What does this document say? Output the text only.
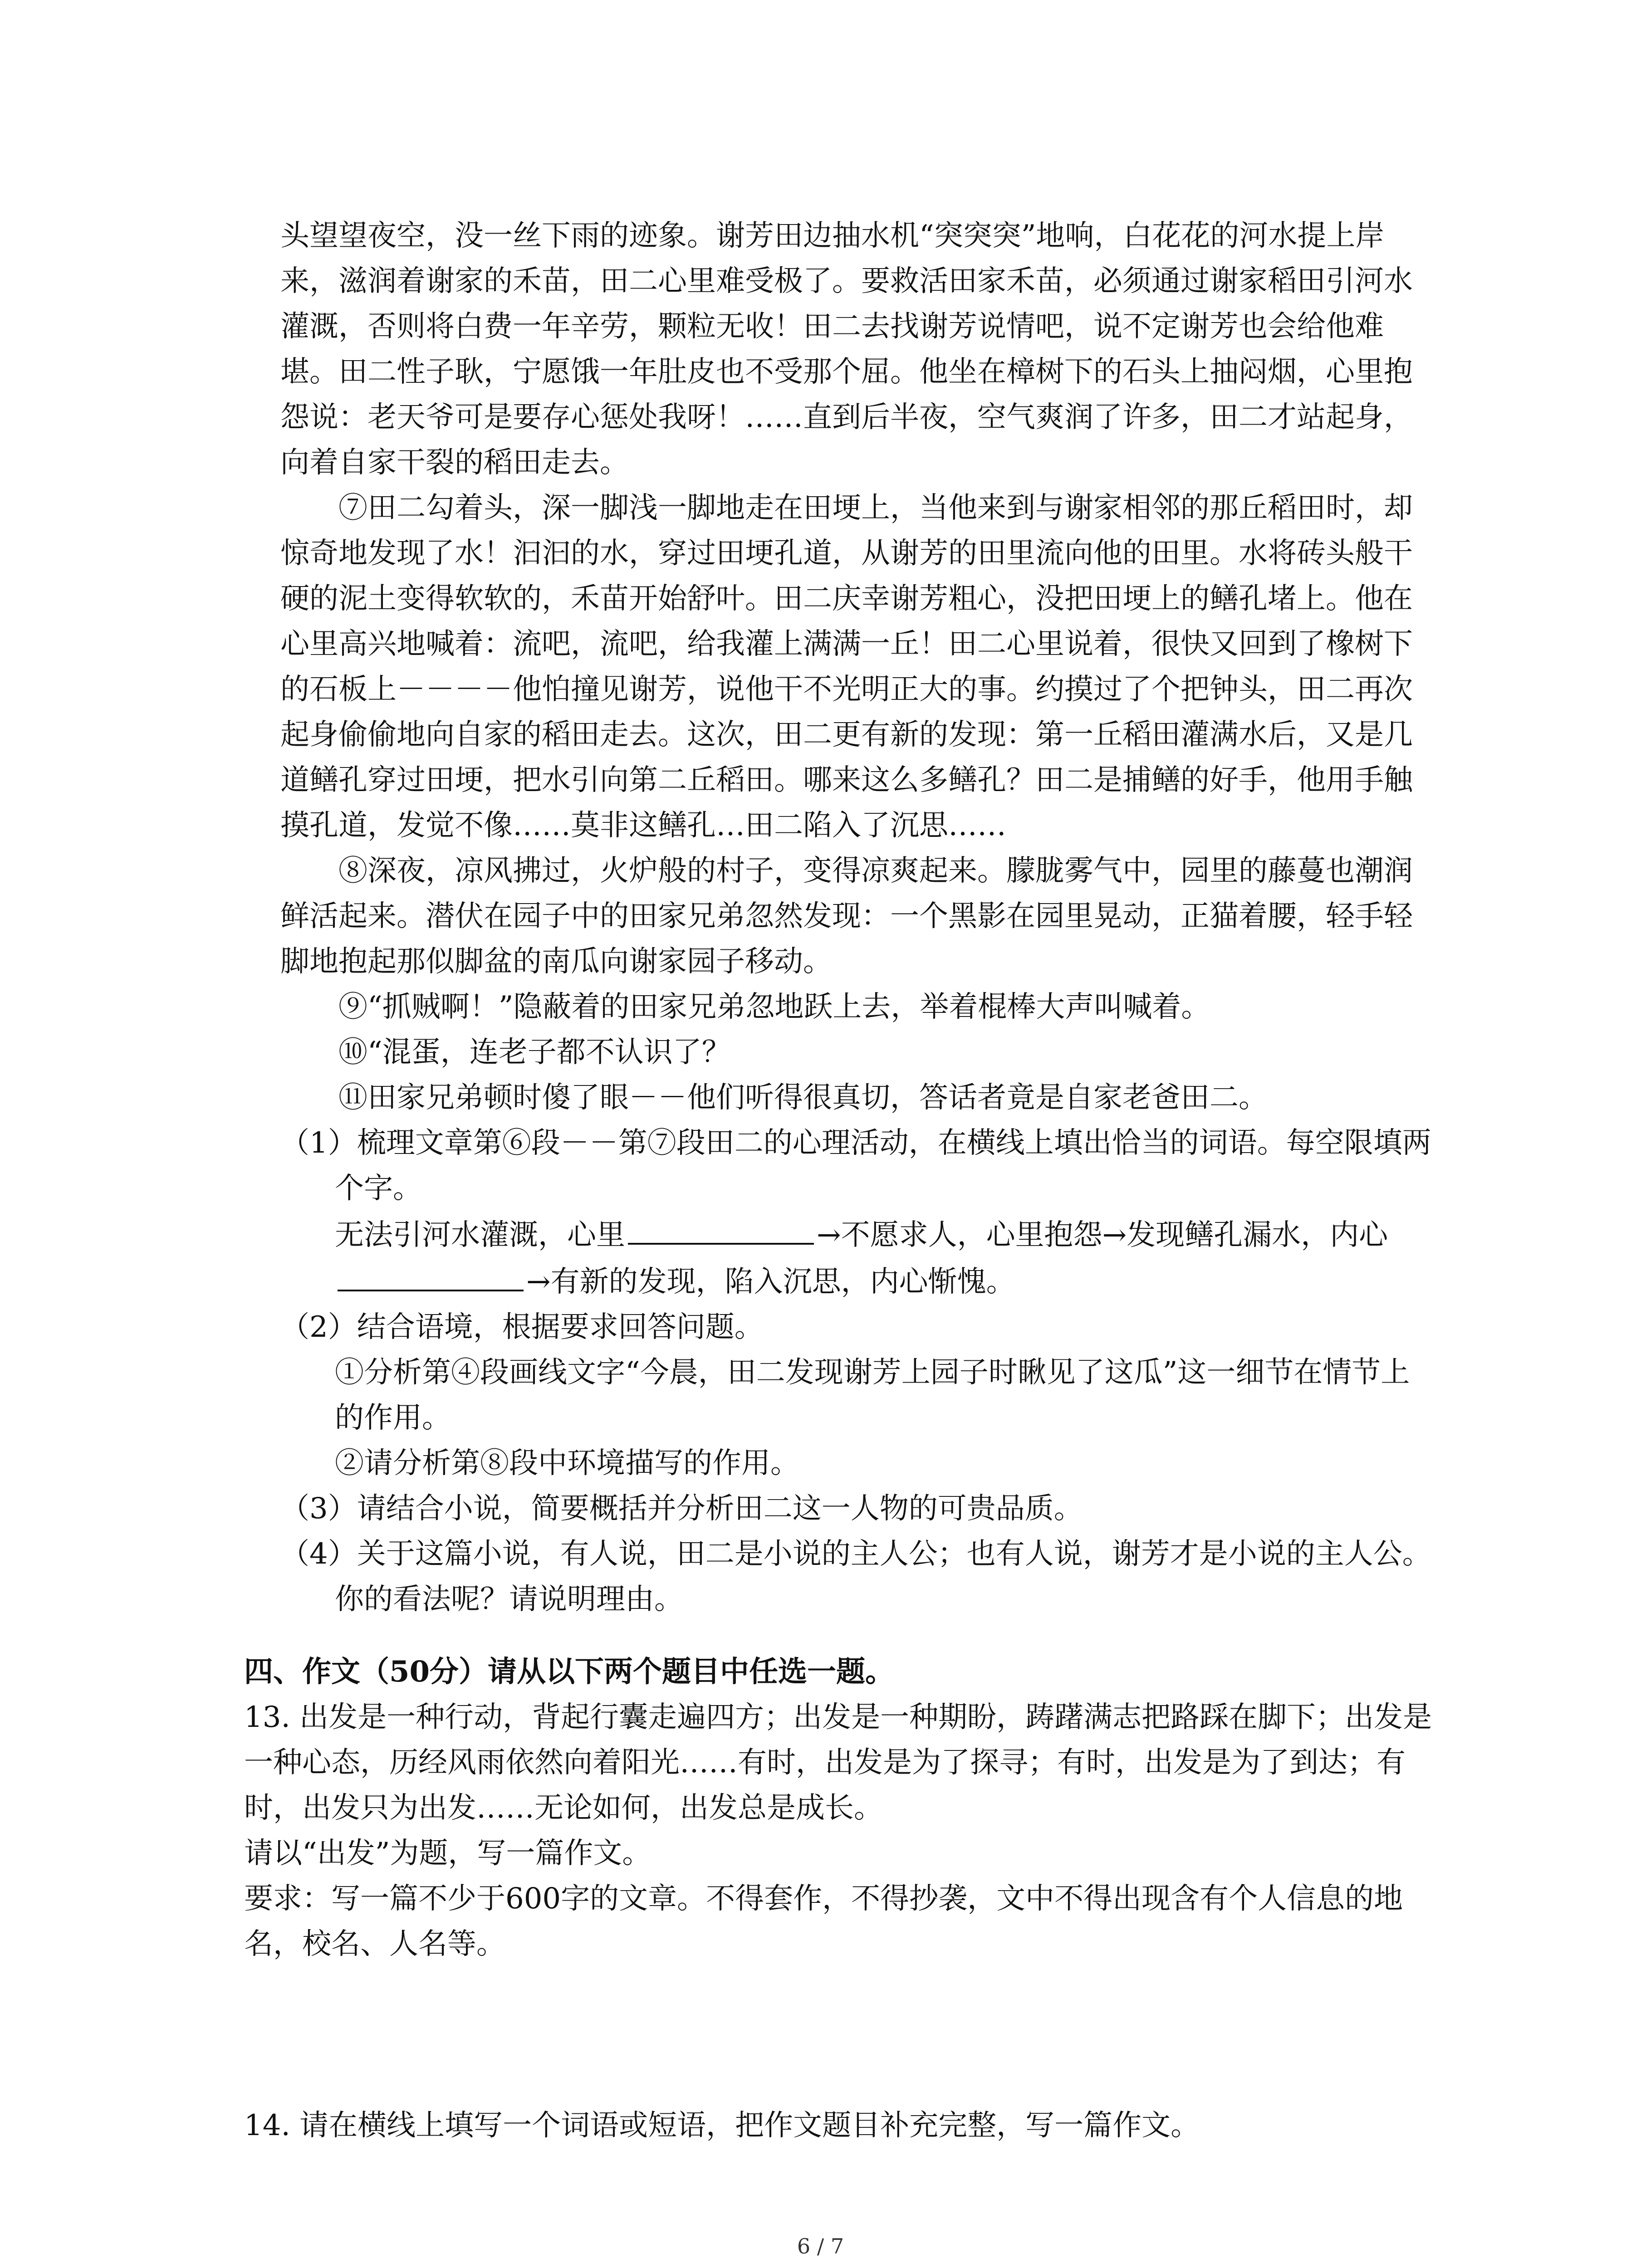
头望望夜空，没一丝下雨的迹象。谢芳田边抽水机“突突突”地响，白花花的河水提上岸来，滋润着谢家的禾苗，田二心里难受极了。要救活田家禾苗，必须通过谢家稻田引河水灌溉，否则将白费一年辛劳，颗粒无收！田二去找谢芳说情吧，说不定谢芳也会给他难堪。田二性子耿，宁愿饿一年肚皮也不受那个屈。他坐在樟树下的石头上抽闷烟，心里抱怨说：老天爷可是要存心惩处我呀！……直到后半夜，空气爽润了许多，田二才站起身，向着自家干裂的稻田走去。

⑦田二勾着头，深一脚浅一脚地走在田埂上，当他来到与谢家相邻的那丘稻田时，却惊奇地发现了水！汩汩的水，穿过田埂孔道，从谢芳的田里流向他的田里。水将砖头般干硬的泥土变得软软的，禾苗开始舒叶。田二庆幸谢芳粗心，没把田埂上的鳝孔堵上。他在心里高兴地喊着：流吧，流吧，给我灌上满满一丘！田二心里说着，很快又回到了橡树下的石板上－－－－他怕撞见谢芳，说他干不光明正大的事。约摸过了个把钟头，田二再次起身偷偷地向自家的稻田走去。这次，田二更有新的发现：第一丘稻田灌满水后，又是几道鳝孔穿过田埂，把水引向第二丘稻田。哪来这么多鳝孔？田二是捕鳝的好手，他用手触摸孔道，发觉不像……莫非这鳝孔…田二陷入了沉思……

⑧深夜，凉风拂过，火炉般的村子，变得凉爽起来。朦胧雾气中，园里的藤蔓也潮润鲜活起来。潜伏在园子中的田家兄弟忽然发现：一个黑影在园里晃动，正猫着腰，轻手轻脚地抱起那似脚盆的南瓜向谢家园子移动。

⑨“抓贼啊！”隐蔽着的田家兄弟忽地跃上去，举着棍棒大声叫喊着。

⑩“混蛋，连老子都不认识了？

⑪田家兄弟顿时傻了眼－－他们听得很真切，答话者竟是自家老爸田二。

（1）梳理文章第⑥段－－第⑦段田二的心理活动，在横线上填出恰当的词语。每空限填两个字。

无法引河水灌溉，心里	→不愿求人，心里抱怨→发现鳝孔漏水，内心→有新的发现，陷入沉思，内心惭愧。

（2）结合语境，根据要求回答问题。

①分析第④段画线文字“今晨，田二发现谢芳上园子时瞅见了这瓜”这一细节在情节上的作用。

②请分析第⑧段中环境描写的作用。

（3）请结合小说，简要概括并分析田二这一人物的可贵品质。

（4）关于这篇小说，有人说，田二是小说的主人公；也有人说，谢芳才是小说的主人公。你的看法呢？请说明理由。

四、作文（50分）请从以下两个题目中任选一题。

13. 出发是一种行动，背起行囊走遍四方；出发是一种期盼，踌躇满志把路踩在脚下；出发是一种心态，历经风雨依然向着阳光……有时，出发是为了探寻；有时，出发是为了到达；有时，出发只为出发……无论如何，出发总是成长。

请以“出发”为题，写一篇作文。

要求：写一篇不少于600字的文章。不得套作，不得抄袭，文中不得出现含有个人信息的地名，校名、人名等。

14. 请在横线上填写一个词语或短语，把作文题目补充完整，写一篇作文。

6 / 7
